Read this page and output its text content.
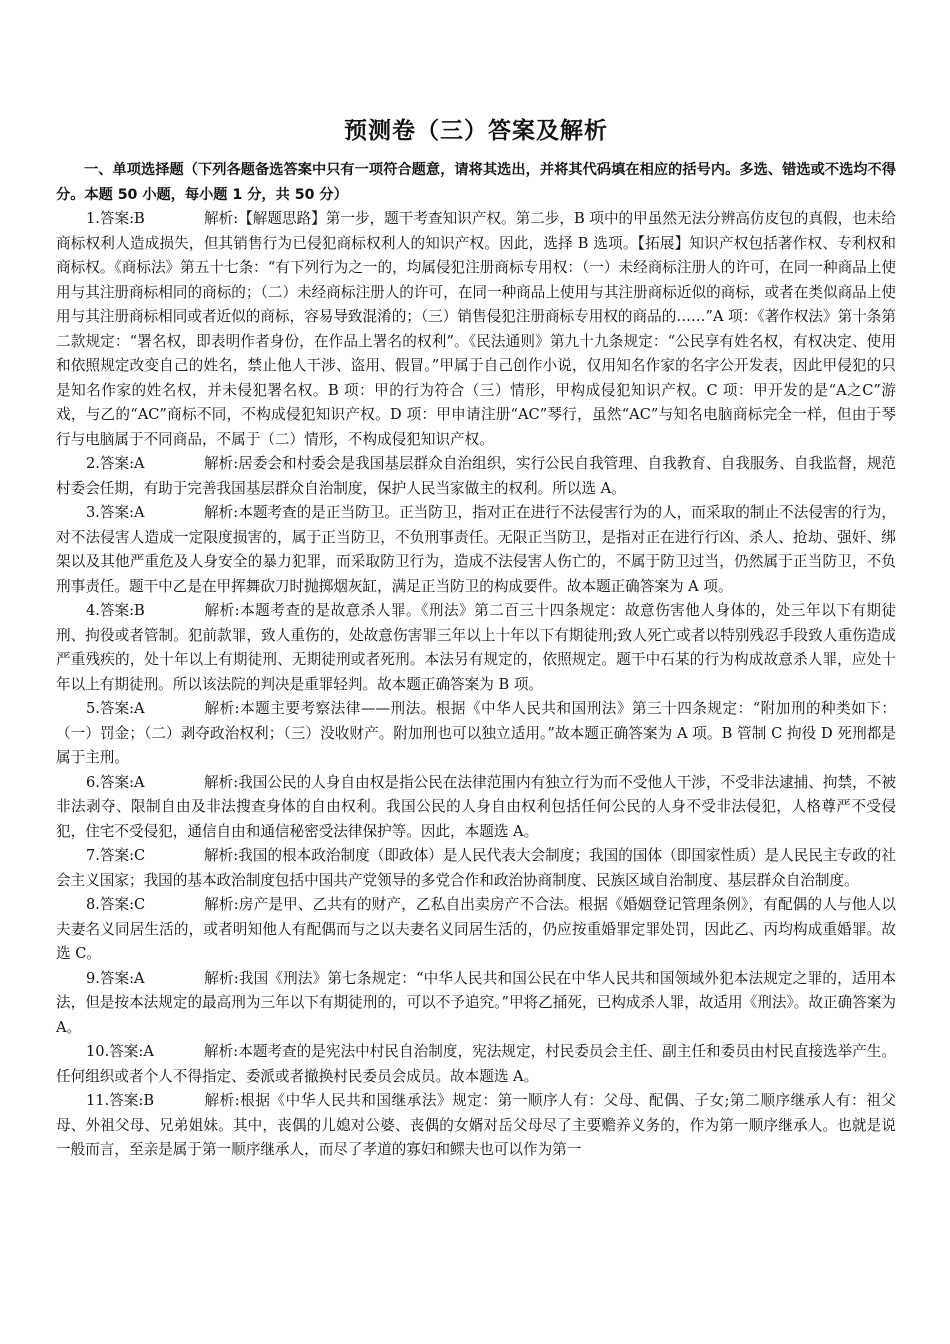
预测卷（三）答案及解析

一、单项选择题（下列各题备选答案中只有一项符合题意，请将其选出，并将其代码填在相应的括号内。多选、错选或不选均不得分。本题 50 小题，每小题 1 分，共 50 分）

1.答案:B	解析:【解题思路】第一步，题干考查知识产权。第二步，B 项中的甲虽然无法分辨高仿皮包的真假，也未给商标权利人造成损失，但其销售行为已侵犯商标权利人的知识产权。因此，选择 B 选项。【拓展】知识产权包括著作权、专利权和商标权。《商标法》第五十七条：“有下列行为之一的，均属侵犯注册商标专用权：（一）未经商标注册人的许可，在同一种商品上使用与其注册商标相同的商标的；（二）未经商标注册人的许可，在同一种商品上使用与其注册商标近似的商标，或者在类似商品上使用与其注册商标相同或者近似的商标，容易导致混淆的；（三）销售侵犯注册商标专用权的商品的……”A 项：《著作权法》第十条第二款规定：“署名权，即表明作者身份，在作品上署名的权利”。《民法通则》第九十九条规定：“公民享有姓名权，有权决定、使用和依照规定改变自己的姓名，禁止他人干涉、盗用、假冒。”甲属于自己创作小说，仅用知名作家的名字公开发表，因此甲侵犯的只是知名作家的姓名权，并未侵犯署名权。B 项：甲的行为符合（三）情形，甲构成侵犯知识产权。C 项：甲开发的是“A之C”游戏，与乙的“AC”商标不同，不构成侵犯知识产权。D 项：甲申请注册“AC”琴行，虽然“AC”与知名电脑商标完全一样，但由于琴行与电脑属于不同商品，不属于（二）情形，不构成侵犯知识产权。

2.答案:A	解析:居委会和村委会是我国基层群众自治组织，实行公民自我管理、自我教育、自我服务、自我监督，规范村委会任期，有助于完善我国基层群众自治制度，保护人民当家做主的权利。所以选 A。

3.答案:A	解析:本题考查的是正当防卫。正当防卫，指对正在进行不法侵害行为的人，而采取的制止不法侵害的行为，对不法侵害人造成一定限度损害的，属于正当防卫，不负刑事责任。无限正当防卫，是指对正在进行行凶、杀人、抢劫、强奸、绑架以及其他严重危及人身安全的暴力犯罪，而采取防卫行为，造成不法侵害人伤亡的，不属于防卫过当，仍然属于正当防卫，不负刑事责任。题干中乙是在甲挥舞砍刀时抛掷烟灰缸，满足正当防卫的构成要件。故本题正确答案为 A 项。

4.答案:B	解析:本题考查的是故意杀人罪。《刑法》第二百三十四条规定：故意伤害他人身体的，处三年以下有期徒刑、拘役或者管制。犯前款罪，致人重伤的，处故意伤害罪三年以上十年以下有期徒刑;致人死亡或者以特别残忍手段致人重伤造成严重残疾的，处十年以上有期徒刑、无期徒刑或者死刑。本法另有规定的，依照规定。题干中石某的行为构成故意杀人罪，应处十年以上有期徒刑。所以该法院的判决是重罪轻判。故本题正确答案为 B 项。

5.答案:A	解析:本题主要考察法律——刑法。根据《中华人民共和国刑法》第三十四条规定：“附加刑的种类如下：（一）罚金；（二）剥夺政治权利；（三）没收财产。附加刑也可以独立适用。”故本题正确答案为 A 项。B 管制 C 拘役 D 死刑都是属于主刑。

6.答案:A	解析:我国公民的人身自由权是指公民在法律范围内有独立行为而不受他人干涉，不受非法逮捕、拘禁，不被非法剥夺、限制自由及非法搜查身体的自由权利。我国公民的人身自由权利包括任何公民的人身不受非法侵犯，人格尊严不受侵犯，住宅不受侵犯，通信自由和通信秘密受法律保护等。因此，本题选 A。

7.答案:C	解析:我国的根本政治制度（即政体）是人民代表大会制度；我国的国体（即国家性质）是人民民主专政的社会主义国家；我国的基本政治制度包括中国共产党领导的多党合作和政治协商制度、民族区域自治制度、基层群众自治制度。

8.答案:C	解析:房产是甲、乙共有的财产，乙私自出卖房产不合法。根据《婚姻登记管理条例》，有配偶的人与他人以夫妻名义同居生活的，或者明知他人有配偶而与之以夫妻名义同居生活的，仍应按重婚罪定罪处罚，因此乙、丙均构成重婚罪。故选 C。

9.答案:A	解析:我国《刑法》第七条规定：“中华人民共和国公民在中华人民共和国领域外犯本法规定之罪的，适用本法，但是按本法规定的最高刑为三年以下有期徒刑的，可以不予追究。”甲将乙捅死，已构成杀人罪，故适用《刑法》。故正确答案为 A。

10.答案:A	解析:本题考查的是宪法中村民自治制度，宪法规定，村民委员会主任、副主任和委员由村民直接选举产生。任何组织或者个人不得指定、委派或者撤换村民委员会成员。故本题选 A。

11.答案:B	解析:根据《中华人民共和国继承法》规定：第一顺序人有：父母、配偶、子女;第二顺序继承人有：祖父母、外祖父母、兄弟姐妹。其中，丧偶的儿媳对公婆、丧偶的女婿对岳父母尽了主要赡养义务的，作为第一顺序继承人。也就是说一般而言，至亲是属于第一顺序继承人，而尽了孝道的寡妇和鳏夫也可以作为第一
